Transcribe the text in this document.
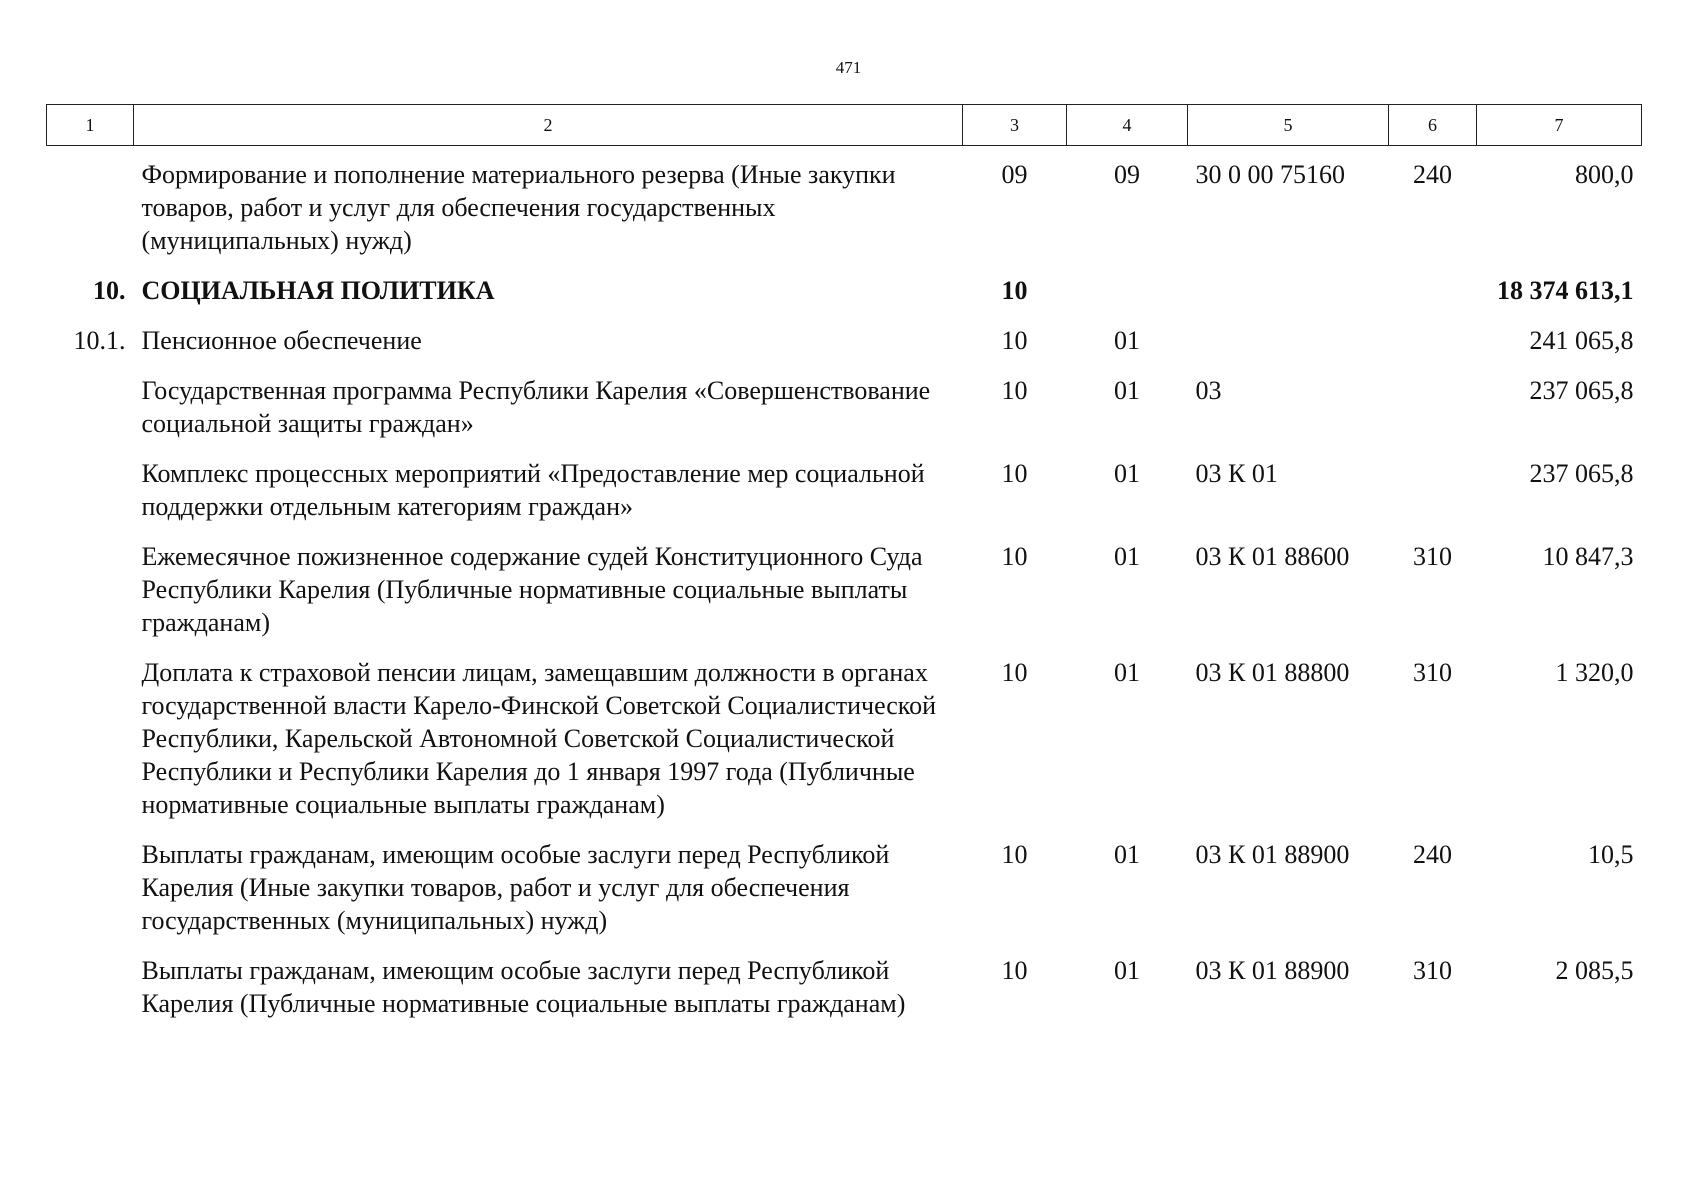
471
1	2	3	4	5	6	7
	Формирование и пополнение материального резерва (Иные закупки товаров, работ и услуг для обеспечения государственных (муниципальных) нужд)	09	09	30 0 00 75160	240	800,0
10.	СОЦИАЛЬНАЯ ПОЛИТИКА	10				18 374 613,1
10.1.	Пенсионное обеспечение	10	01			241 065,8
	Государственная программа Республики Карелия «Совершенствование социальной защиты граждан»	10	01	03		237 065,8
	Комплекс процессных мероприятий «Предоставление мер социальной поддержки отдельным категориям граждан»	10	01	03 К 01		237 065,8
	Ежемесячное пожизненное содержание судей Конституционного Суда Республики Карелия (Публичные нормативные социальные выплаты гражданам)	10	01	03 К 01 88600	310	10 847,3
	Доплата к страховой пенсии лицам, замещавшим должности в органах государственной власти Карело-Финской Советской Социалистической Республики, Карельской Автономной Советской Социалистической Республики и Республики Карелия до 1 января 1997 года (Публичные нормативные социальные выплаты гражданам)	10	01	03 К 01 88800	310	1 320,0
	Выплаты гражданам, имеющим особые заслуги перед Республикой Карелия (Иные закупки товаров, работ и услуг для обеспечения государственных (муниципальных) нужд)	10	01	03 К 01 88900	240	10,5
	Выплаты гражданам, имеющим особые заслуги перед Республикой Карелия (Публичные нормативные социальные выплаты гражданам)	10	01	03 К 01 88900	310	2 085,5
